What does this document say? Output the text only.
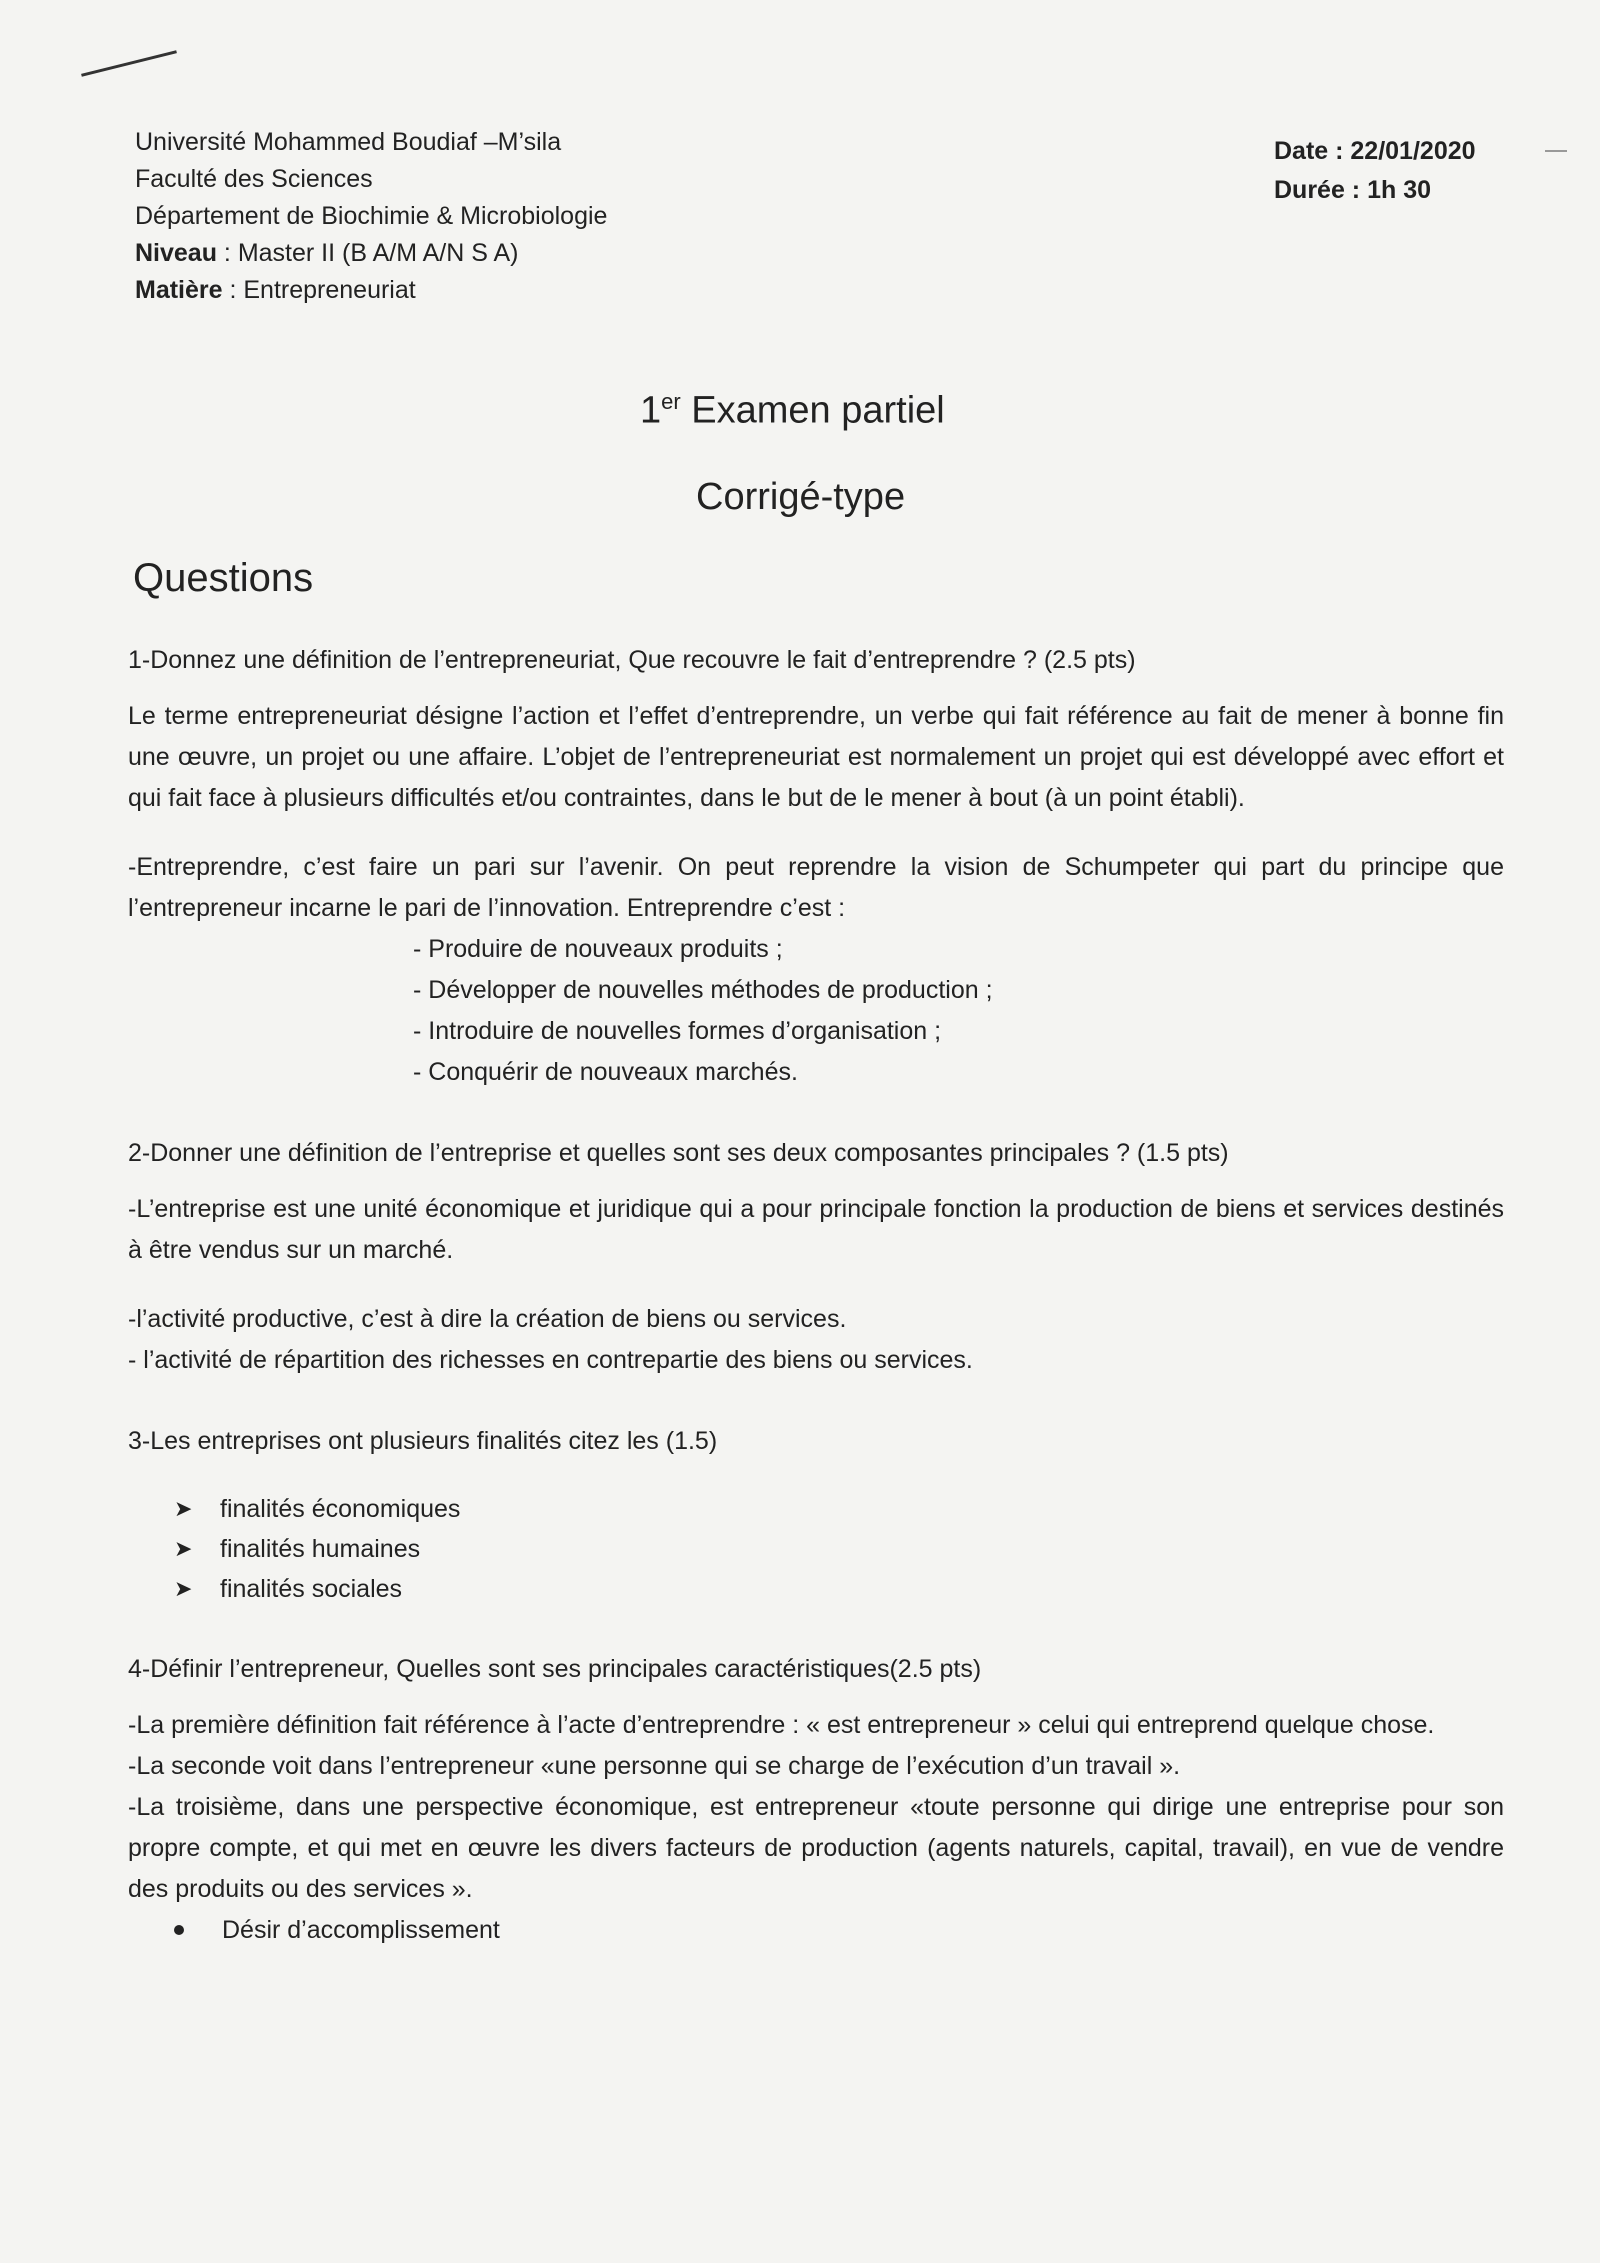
Université Mohammed Boudiaf –M’sila
Faculté des Sciences
Département de Biochimie & Microbiologie
Niveau : Master II (B A/M A/N S A)
Matière : Entrepreneuriat
Date : 22/01/2020
Durée : 1h 30
1er Examen partiel
Corrigé-type
Questions

1-Donnez une définition de l’entrepreneuriat, Que recouvre le fait d’entreprendre ? (2.5 pts)

Le terme entrepreneuriat désigne l’action et l’effet d’entreprendre, un verbe qui fait référence au fait de mener à bonne fin une œuvre, un projet ou une affaire. L’objet de l’entrepreneuriat est normalement un projet qui est développé avec effort et qui fait face à plusieurs difficultés et/ou contraintes, dans le but de le mener à bout (à un point établi).

-Entreprendre, c’est faire un pari sur l’avenir. On peut reprendre la vision de Schumpeter qui part du principe que l’entrepreneur incarne le pari de l’innovation. Entreprendre c’est :

- Produire de nouveaux produits ;
- Développer de nouvelles méthodes de production ;
- Introduire de nouvelles formes d’organisation ;
- Conquérir de nouveaux marchés.

2-Donner une définition de l’entreprise et quelles sont ses deux composantes principales ? (1.5 pts)

-L’entreprise est une unité économique et juridique qui a pour principale fonction la production de biens et services destinés à être vendus sur un marché.

-l’activité productive, c’est à dire la création de biens ou services.

- l’activité de répartition des richesses en contrepartie des biens ou services.

3-Les entreprises ont plusieurs finalités citez les (1.5)

➤	finalités économiques
➤	finalités humaines
➤	finalités sociales

4-Définir l’entrepreneur, Quelles sont ses principales caractéristiques(2.5 pts)

-La première définition fait référence à l’acte d’entreprendre : « est entrepreneur » celui qui entreprend quelque chose.

-La seconde voit dans l’entrepreneur «une personne qui se charge de l’exécution d’un travail ».

-La troisième, dans une perspective économique, est entrepreneur «toute personne qui dirige une entreprise pour son propre compte, et qui met en œuvre les divers facteurs de production (agents naturels, capital, travail), en vue de vendre des produits ou des services ».

Désir d’accomplissement
